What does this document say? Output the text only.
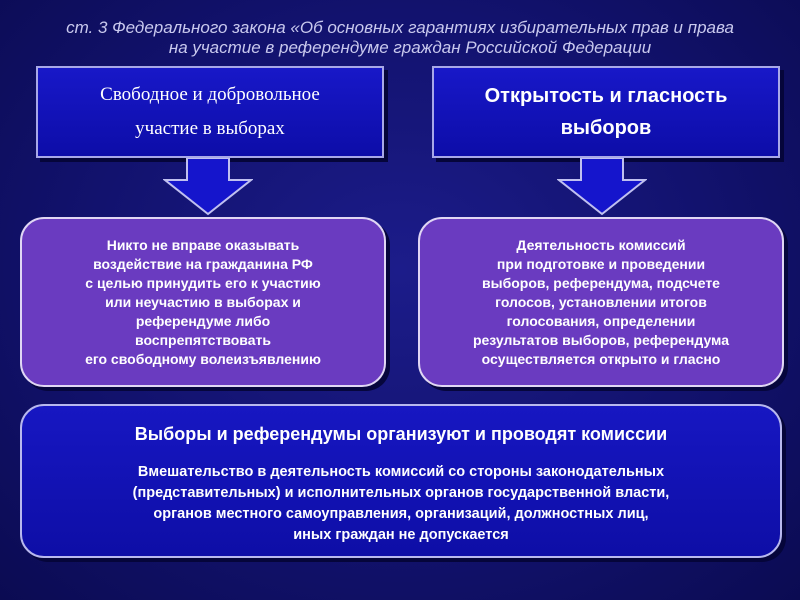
ст. 3 Федерального закона «Об основных гарантиях избирательных прав и права
на участие в референдуме граждан Российской Федерации
Свободное и добровольное
участие в выборах
Открытость и гласность
выборов
Никто не вправе оказывать
воздействие на гражданина РФ
с целью принудить его к участию
или неучастию в выборах и
референдуме либо
воспрепятствовать
его свободному волеизъявлению
Деятельность комиссий
при подготовке и проведении
выборов, референдума, подсчете
голосов, установлении итогов
голосования, определении
результатов выборов, референдума
осуществляется открыто и гласно
Выборы и референдумы организуют и проводят комиссии
Вмешательство в деятельность комиссий со стороны законодательных
(представительных) и исполнительных органов государственной власти,
органов местного самоуправления, организаций, должностных лиц,
иных граждан не допускается
